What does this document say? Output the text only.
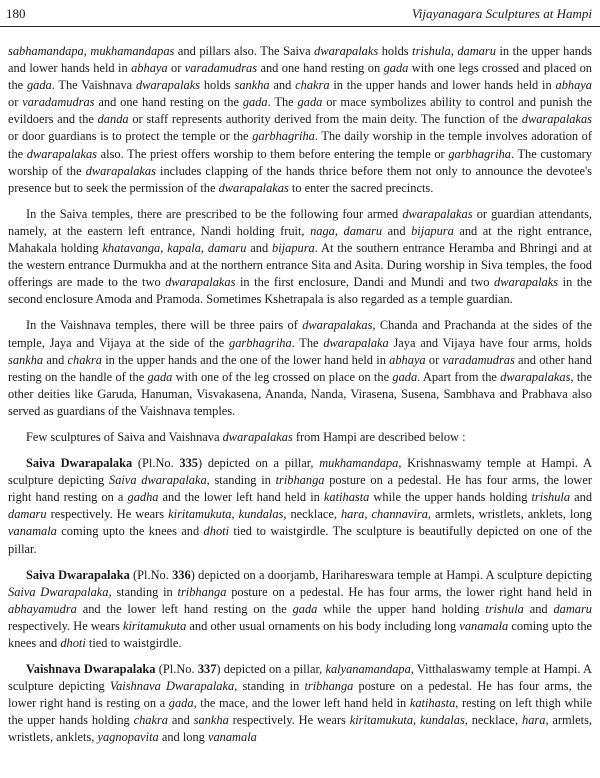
180	Vijayanagara Sculptures at Hampi

sabhamandapa, mukhamandapas and pillars also. The Saiva dwarapalaks holds trishula, damaru in the upper hands and lower hands held in abhaya or varadamudras and one hand resting on gada with one legs crossed and placed on the gada. The Vaishnava dwarapalaks holds sankha and chakra in the upper hands and lower hands held in abhaya or varadamudras and one hand resting on the gada. The gada or mace symbolizes ability to control and punish the evildoers and the danda or staff represents authority derived from the main deity. The function of the dwarapalakas or door guardians is to protect the temple or the garbhagriha. The daily worship in the temple involves adoration of the dwarapalakas also. The priest offers worship to them before entering the temple or garbhagriha. The customary worship of the dwarapalakas includes clapping of the hands thrice before them not only to announce the devotee's presence but to seek the permission of the dwarapalakas to enter the sacred precincts.

In the Saiva temples, there are prescribed to be the following four armed dwarapalakas or guardian attendants, namely, at the eastern left entrance, Nandi holding fruit, naga, damaru and bijapura and at the right entrance, Mahakala holding khatavanga, kapala, damaru and bijapura. At the southern entrance Heramba and Bhringi and at the western entrance Durmukha and at the northern entrance Sita and Asita. During worship in Siva temples, the food offerings are made to the two dwarapalakas in the first enclosure, Dandi and Mundi and two dwarapalaks in the second enclosure Amoda and Pramoda. Sometimes Kshetrapala is also regarded as a temple guardian.

In the Vaishnava temples, there will be three pairs of dwarapalakas, Chanda and Prachanda at the sides of the temple, Jaya and Vijaya at the side of the garbhagriha. The dwarapalaka Jaya and Vijaya have four arms, holds sankha and chakra in the upper hands and the one of the lower hand held in abhaya or varadamudras and other hand resting on the handle of the gada with one of the leg crossed on place on the gada. Apart from the dwarapalakas, the other deities like Garuda, Hanuman, Visvakasena, Ananda, Nanda, Virasena, Susena, Sambhava and Prabhava also served as guardians of the Vaishnava temples.

Few sculptures of Saiva and Vaishnava dwarapalakas from Hampi are described below :

Saiva Dwarapalaka (Pl.No. 335) depicted on a pillar, mukhamandapa, Krishnaswamy temple at Hampi. A sculpture depicting Saiva dwarapalaka, standing in tribhanga posture on a pedestal. He has four arms, the lower right hand resting on a gadha and the lower left hand held in katihasta while the upper hands holding trishula and damaru respectively. He wears kiritamukuta, kundalas, necklace, hara, channavira, armlets, wristlets, anklets, long vanamala coming upto the knees and dhoti tied to waistgirdle. The sculpture is beautifully depicted on one of the pillar.

Saiva Dwarapalaka (Pl.No. 336) depicted on a doorjamb, Harihareswara temple at Hampi. A sculpture depicting Saiva Dwarapalaka, standing in tribhanga posture on a pedestal. He has four arms, the lower right hand held in abhayamudra and the lower left hand resting on the gada while the upper hand holding trishula and damaru respectively. He wears kiritamukuta and other usual ornaments on his body including long vanamala coming upto the knees and dhoti tied to waistgirdle.

Vaishnava Dwarapalaka (Pl.No. 337) depicted on a pillar, kalyanamandapa, Vitthalaswamy temple at Hampi. A sculpture depicting Vaishnava Dwarapalaka, standing in tribhanga posture on a pedestal. He has four arms, the lower right hand is resting on a gada, the mace, and the lower left hand held in katihasta, resting on left thigh while the upper hands holding chakra and sankha respectively. He wears kiritamukuta, kundalas, necklace, hara, armlets, wristlets, anklets, yagnopavita and long vanamala
